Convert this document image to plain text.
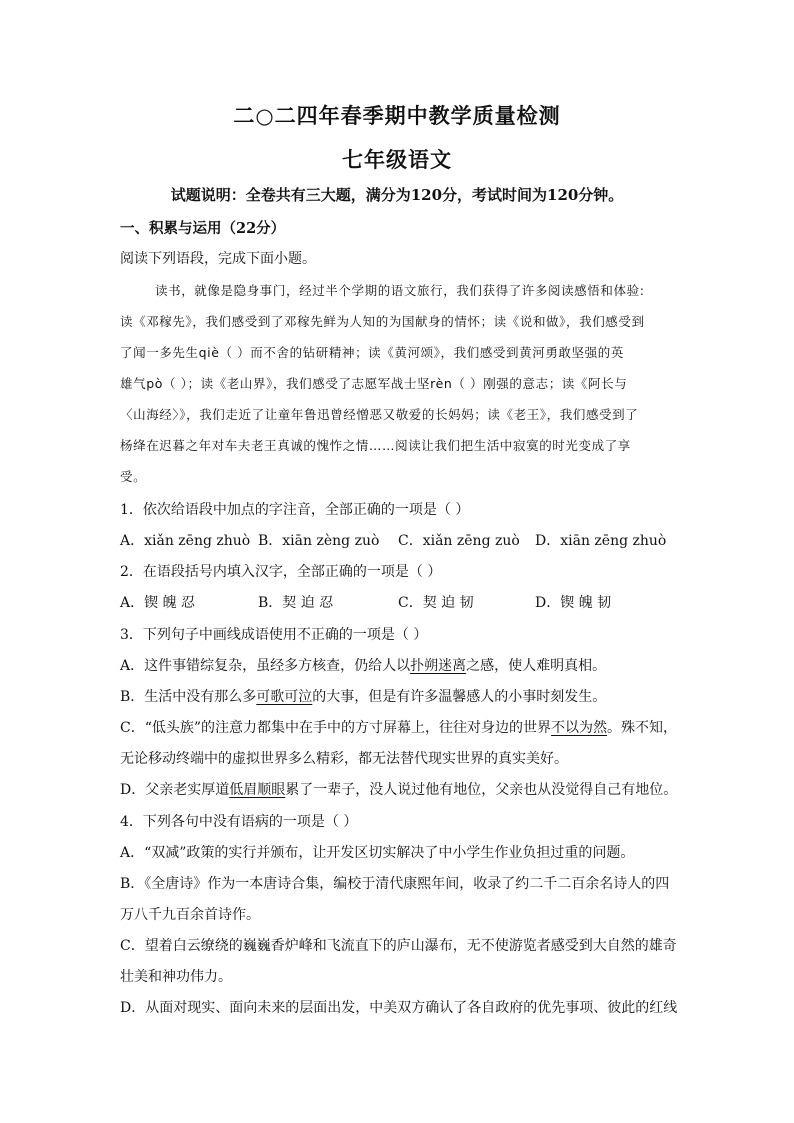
二○二四年春季期中教学质量检测
七年级语文
试题说明：全卷共有三大题，满分为120分，考试时间为120分钟。
一、积累与运用（22分）
阅读下列语段，完成下面小题。
读书，就像是隐身事门，经过半个学期的语文旅行，我们获得了许多阅读感悟和体验:
读《邓稼先》，我们感受到了邓稼先鲜为人知的为国献身的情怀；读《说和做》，我们感受到
了闻一多先生qiè（ ）而不舍的钻研精神；读《黄河颂》，我们感受到黄河勇敢坚强的英
雄气pò（ ）；读《老山界》，我们感受了志愿军战士坚rèn（ ）刚强的意志；读《阿长与
〈山海经〉》，我们走近了让童年鲁迅曾经憎恶又敬爱的长妈妈；读《老王》，我们感受到了
杨绛在迟暮之年对车夫老王真诚的愧怍之情……阅读让我们把生活中寂寞的时光变成了享
受。
1．依次给语段中加点的字注音，全部正确的一项是（ ）
A．xiǎn zēng zhuò B．xiān zèng zuò C．xiǎn zēng zuò D．xiān zēng zhuò
2．在语段括号内填入汉字，全部正确的一项是（ ）
A．锲 魄 忍	B．契 迫 忍	C．契 迫 韧	D．锲 魄 韧
3．下列句子中画线成语使用不正确的一项是（ ）
A．这件事错综复杂，虽经多方核查，仍给人以扑朔迷离之感，使人难明真相。
B．生活中没有那么多可歌可泣的大事，但是有许多温馨感人的小事时刻发生。
C．“低头族”的注意力都集中在手中的方寸屏幕上，往往对身边的世界不以为然。殊不知，
无论移动终端中的虚拟世界多么精彩，都无法替代现实世界的真实美好。
D．父亲老实厚道低眉顺眼累了一辈子，没人说过他有地位，父亲也从没觉得自己有地位。
4．下列各句中没有语病的一项是（ ）
A．“双减”政策的实行并颁布，让开发区切实解决了中小学生作业负担过重的问题。
B．《全唐诗》作为一本唐诗合集，编校于清代康熙年间，收录了约二千二百余名诗人的四
万八千九百余首诗作。
C．望着白云缭绕的巍巍香炉峰和飞流直下的庐山瀑布，无不使游览者感受到大自然的雄奇
壮美和神功伟力。
D．从面对现实、面向未来的层面出发，中美双方确认了各自政府的优先事项、彼此的红线
